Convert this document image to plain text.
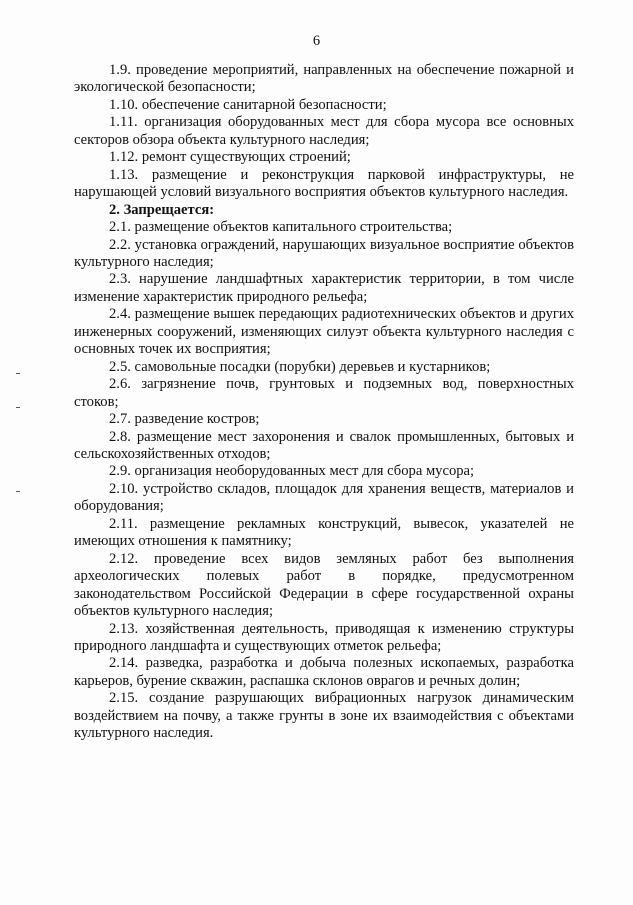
6

1.9. проведение мероприятий, направленных на обеспечение пожарной и экологической безопасности;

1.10. обеспечение санитарной безопасности;

1.11. организация оборудованных мест для сбора мусора все основных секторов обзора объекта культурного наследия;

1.12. ремонт существующих строений;

1.13. размещение и реконструкция парковой инфраструктуры, не нарушающей условий визуального восприятия объектов культурного наследия.

2. Запрещается:

2.1. размещение объектов капитального строительства;

2.2. установка ограждений, нарушающих визуальное восприятие объектов культурного наследия;

2.3. нарушение ландшафтных характеристик территории, в том числе изменение характеристик природного рельефа;

2.4. размещение вышек передающих радиотехнических объектов и других инженерных сооружений, изменяющих силуэт объекта культурного наследия с основных точек их восприятия;

2.5. самовольные посадки (порубки) деревьев и кустарников;

2.6. загрязнение почв, грунтовых и подземных вод, поверхностных стоков;

2.7. разведение костров;

2.8. размещение мест захоронения и свалок промышленных, бытовых и сельскохозяйственных отходов;

2.9. организация необорудованных мест для сбора мусора;

2.10. устройство складов, площадок для хранения веществ, материалов и оборудования;

2.11. размещение рекламных конструкций, вывесок, указателей не имеющих отношения к памятнику;

2.12. проведение всех видов земляных работ без выполнения археологических полевых работ в порядке, предусмотренном законодательством Российской Федерации в сфере государственной охраны объектов культурного наследия;

2.13. хозяйственная деятельность, приводящая к изменению структуры природного ландшафта и существующих отметок рельефа;

2.14. разведка, разработка и добыча полезных ископаемых, разработка карьеров, бурение скважин, распашка склонов оврагов и речных долин;

2.15. создание разрушающих вибрационных нагрузок динамическим воздействием на почву, а также грунты в зоне их взаимодействия с объектами культурного наследия.
